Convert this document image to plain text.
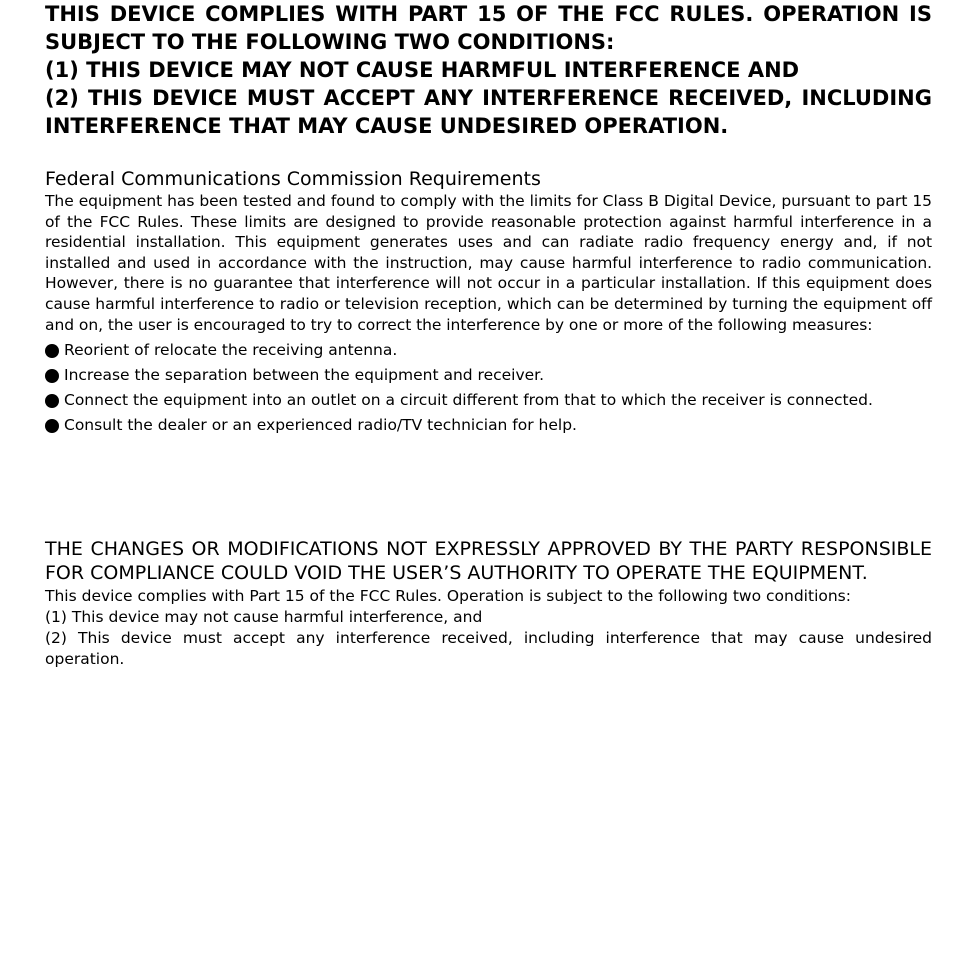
THIS DEVICE COMPLIES WITH PART 15 OF THE FCC RULES. OPERATION IS SUBJECT TO THE FOLLOWING TWO CONDITIONS:
(1) THIS DEVICE MAY NOT CAUSE HARMFUL INTERFERENCE AND
(2) THIS DEVICE MUST ACCEPT ANY INTERFERENCE RECEIVED, INCLUDING INTERFERENCE THAT MAY CAUSE UNDESIRED OPERATION.
Federal Communications Commission Requirements

The equipment has been tested and found to comply with the limits for Class B Digital Device, pursuant to part 15 of the FCC Rules. These limits are designed to provide reasonable protection against harmful interference in a residential installation. This equipment generates uses and can radiate radio frequency energy and, if not installed and used in accordance with the instruction, may cause harmful interference to radio communication. However, there is no guarantee that interference will not occur in a particular installation. If this equipment does cause harmful interference to radio or television reception, which can be determined by turning the equipment off and on, the user is encouraged to try to correct the interference by one or more of the following measures:

Reorient of relocate the receiving antenna.
Increase the separation between the equipment and receiver.
Connect the equipment into an outlet on a circuit different from that to which the receiver is connected.
Consult the dealer or an experienced radio/TV technician for help.

THE CHANGES OR MODIFICATIONS NOT EXPRESSLY APPROVED BY THE PARTY RESPONSIBLE FOR COMPLIANCE COULD VOID THE USER’S AUTHORITY TO OPERATE THE EQUIPMENT.

This device complies with Part 15 of the FCC Rules. Operation is subject to the following two conditions:

(1) This device may not cause harmful interference, and

(2) This device must accept any interference received, including interference that may cause undesired operation.
